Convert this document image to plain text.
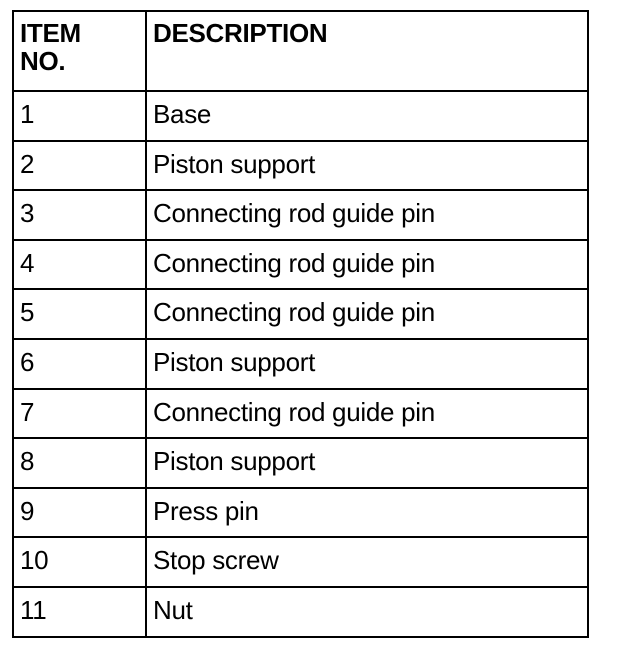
ITEM
NO.	DESCRIPTION
1	Base
2	Piston support
3	Connecting rod guide pin
4	Connecting rod guide pin
5	Connecting rod guide pin
6	Piston support
7	Connecting rod guide pin
8	Piston support
9	Press pin
10	Stop screw
11	Nut
